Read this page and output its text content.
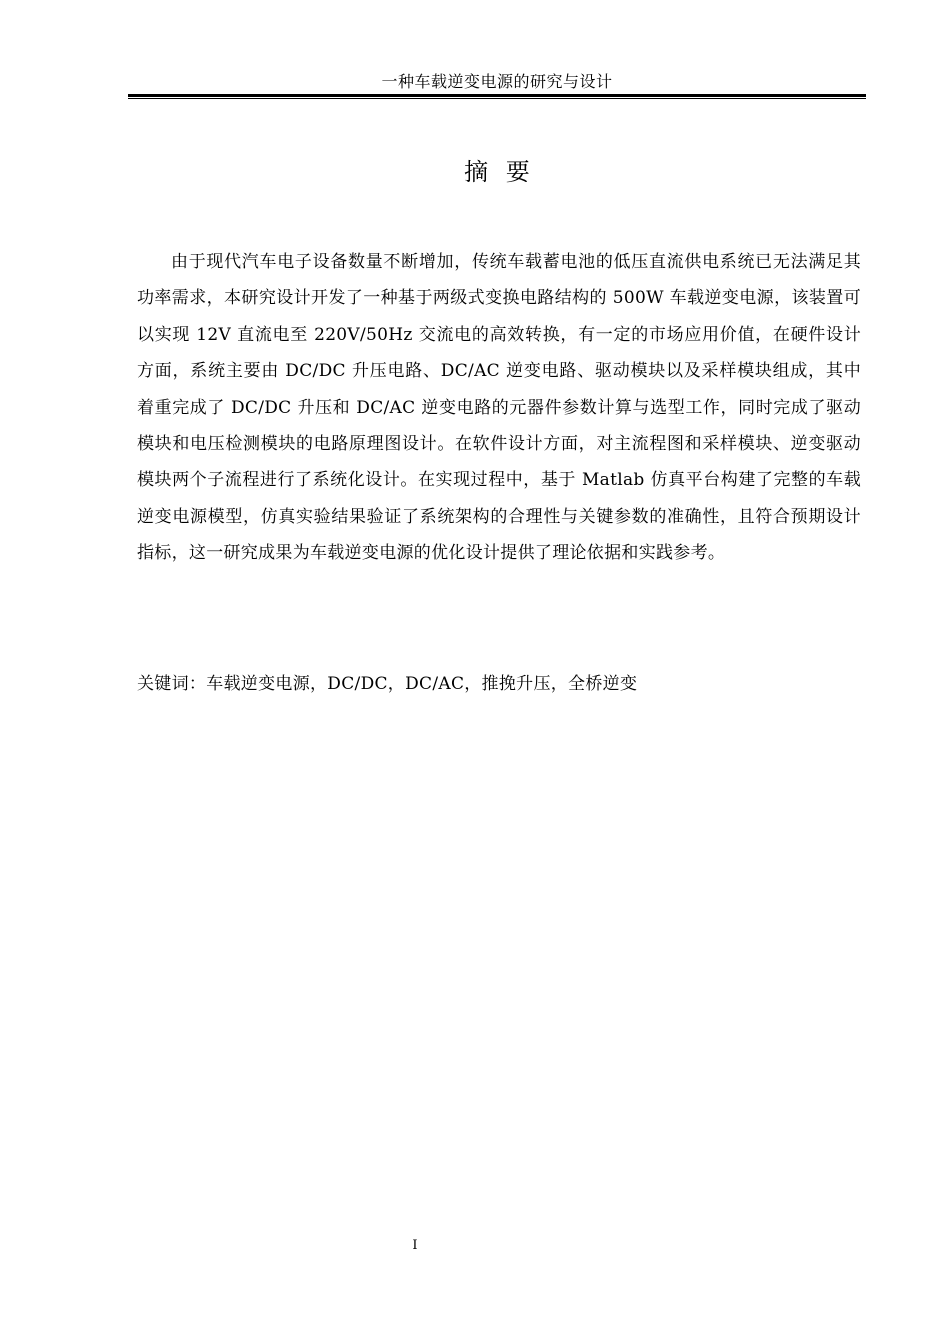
一种车载逆变电源的研究与设计
摘 要

由于现代汽车电子设备数量不断增加，传统车载蓄电池的低压直流供电系统已无法满足其功率需求，本研究设计开发了一种基于两级式变换电路结构的 500W 车载逆变电源，该装置可以实现 12V 直流电至 220V/50Hz 交流电的高效转换，有一定的市场应用价值，在硬件设计方面，系统主要由 DC/DC 升压电路、DC/AC 逆变电路、驱动模块以及采样模块组成，其中着重完成了 DC/DC 升压和 DC/AC 逆变电路的元器件参数计算与选型工作，同时完成了驱动模块和电压检测模块的电路原理图设计。在软件设计方面，对主流程图和采样模块、逆变驱动模块两个子流程进行了系统化设计。在实现过程中，基于 Matlab 仿真平台构建了完整的车载逆变电源模型，仿真实验结果验证了系统架构的合理性与关键参数的准确性，且符合预期设计指标，这一研究成果为车载逆变电源的优化设计提供了理论依据和实践参考。

关键词：车载逆变电源，DC/DC，DC/AC，推挽升压，全桥逆变
I
